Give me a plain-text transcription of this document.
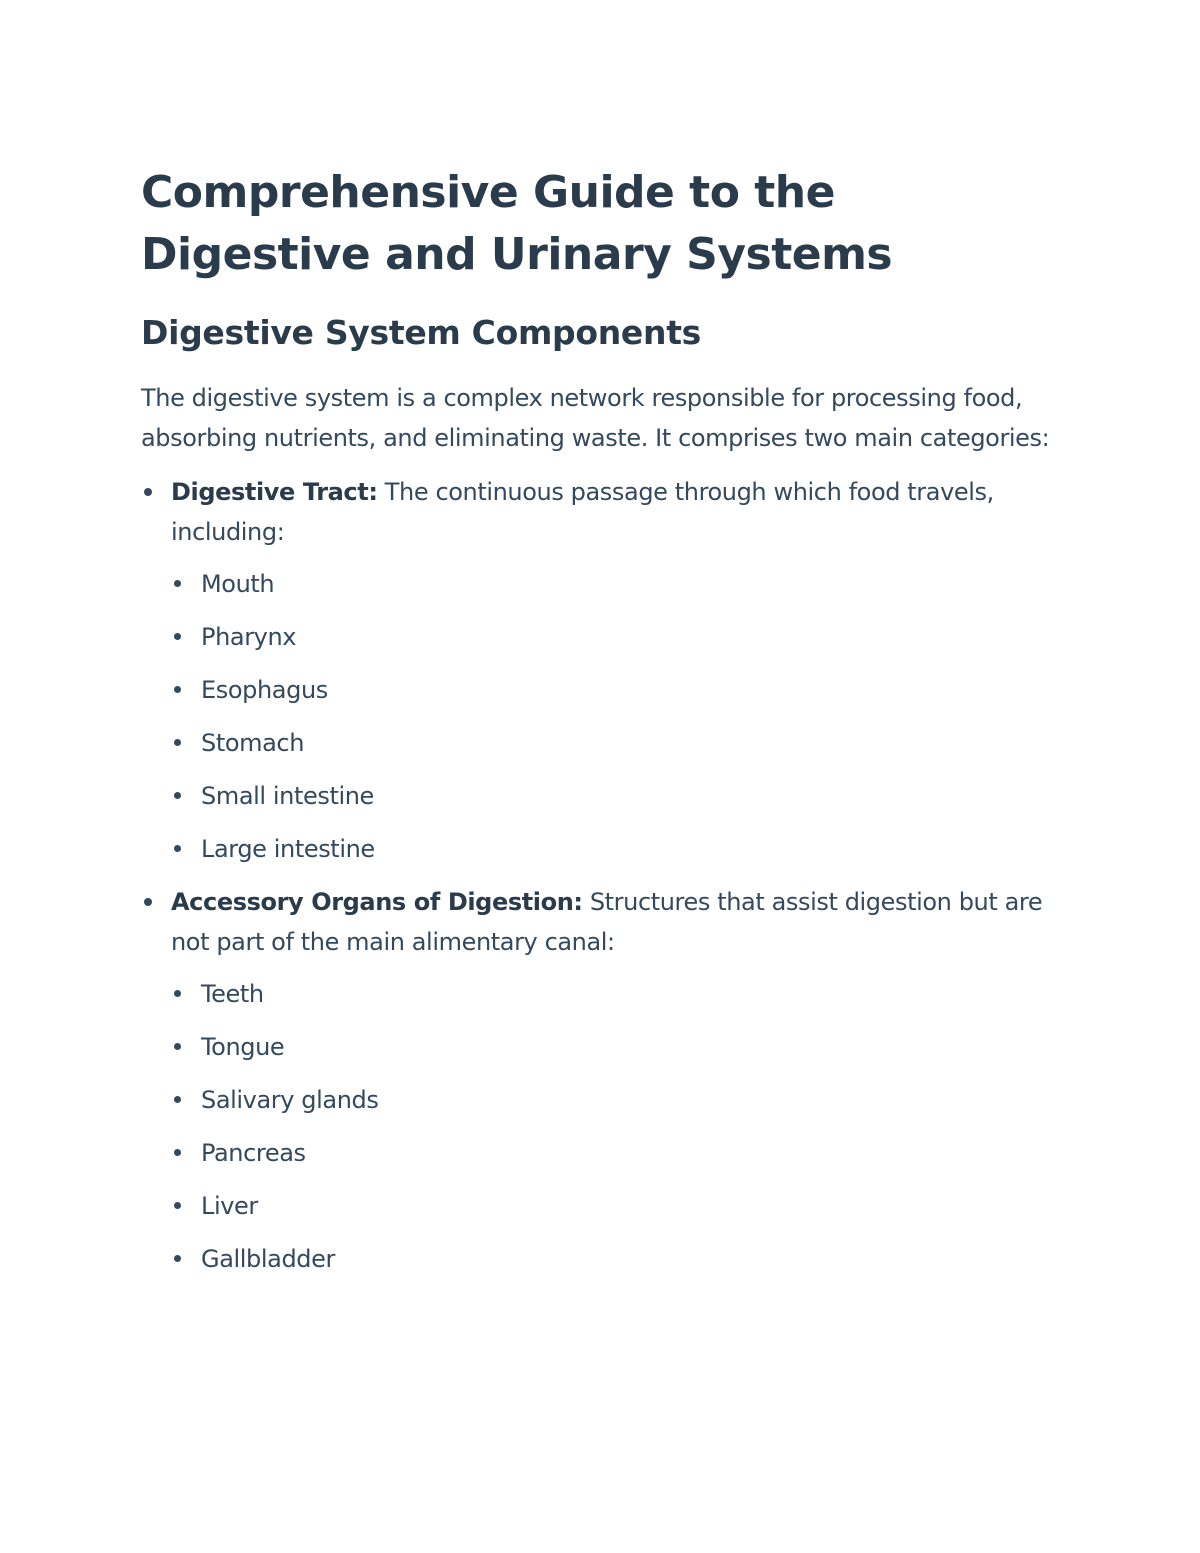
Comprehensive Guide to the Digestive and Urinary Systems
Digestive System Components

The digestive system is a complex network responsible for processing food, absorbing nutrients, and eliminating waste. It comprises two main categories:

Digestive Tract: The continuous passage through which food travels, including:
Mouth
Pharynx
Esophagus
Stomach
Small intestine
Large intestine
Accessory Organs of Digestion: Structures that assist digestion but are not part of the main alimentary canal:
Teeth
Tongue
Salivary glands
Pancreas
Liver
Gallbladder
